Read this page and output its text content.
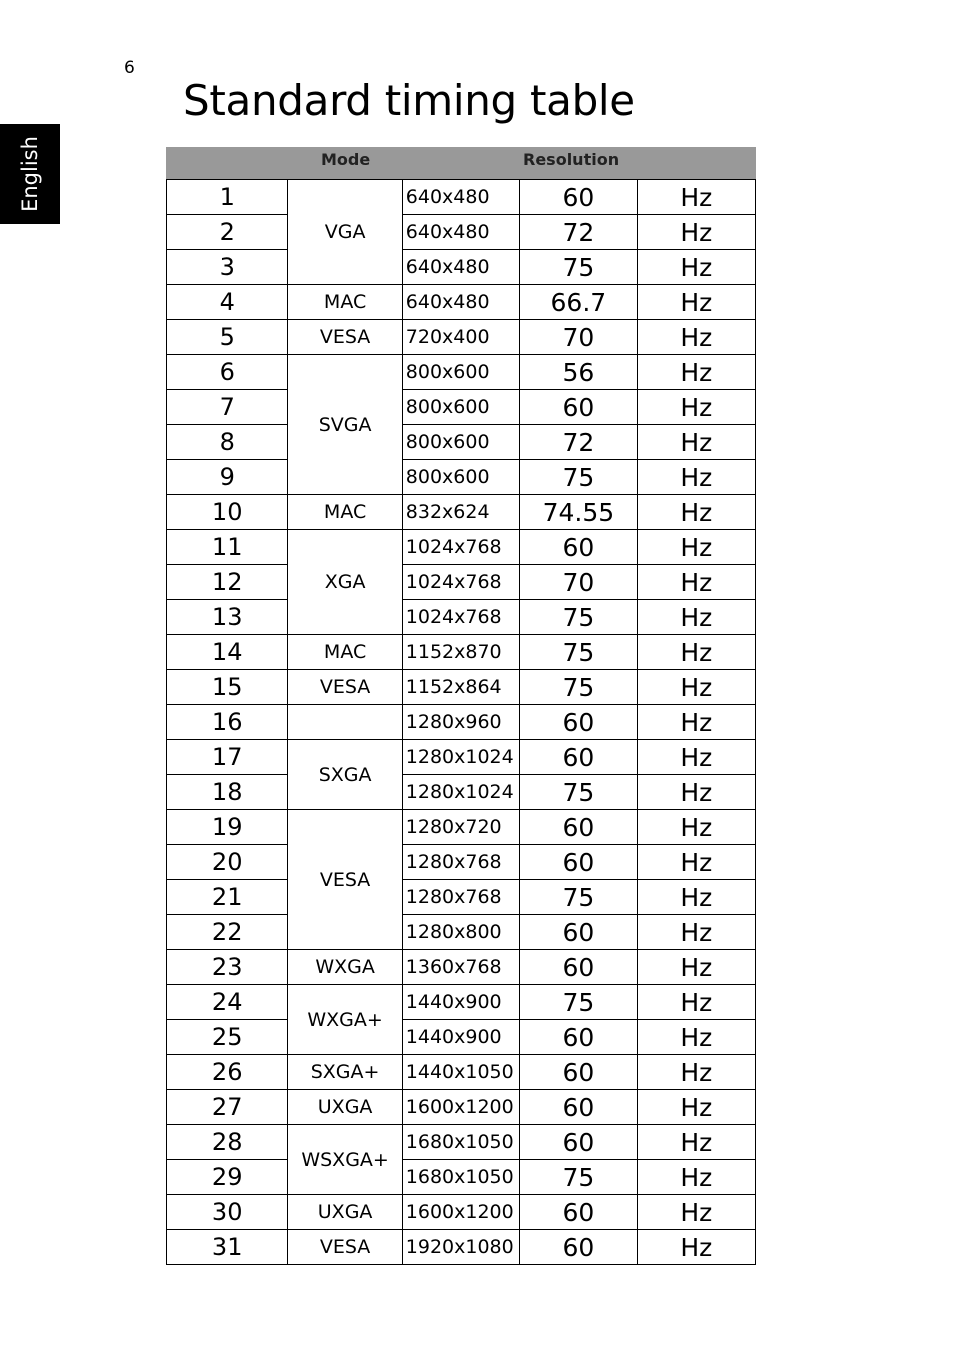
6
Standard timing table
English	Mode	Resolution
1	VGA	640x480	60	Hz
2		640x480	72	Hz
3		640x480	75	Hz
4	MAC	640x480	66.7	Hz
5	VESA	720x400	70	Hz
6	SVGA	800x600	56	Hz
7		800x600	60	Hz
8		800x600	72	Hz
9		800x600	75	Hz
10	MAC	832x624	74.55	Hz
11	XGA	1024x768	60	Hz
12		1024x768	70	Hz
13		1024x768	75	Hz
14	MAC	1152x870	75	Hz
15	VESA	1152x864	75	Hz
16		1280x960	60	Hz
17	SXGA	1280x1024	60	Hz
18		1280x1024	75	Hz
19	VESA	1280x720	60	Hz
20		1280x768	60	Hz
21		1280x768	75	Hz
22		1280x800	60	Hz
23	WXGA	1360x768	60	Hz
24	WXGA+	1440x900	75	Hz
25		1440x900	60	Hz
26	SXGA+	1440x1050	60	Hz
27	UXGA	1600x1200	60	Hz
28	WSXGA+	1680x1050	60	Hz
29		1680x1050	75	Hz
30	UXGA	1600x1200	60	Hz
31	VESA	1920x1080	60	Hz
